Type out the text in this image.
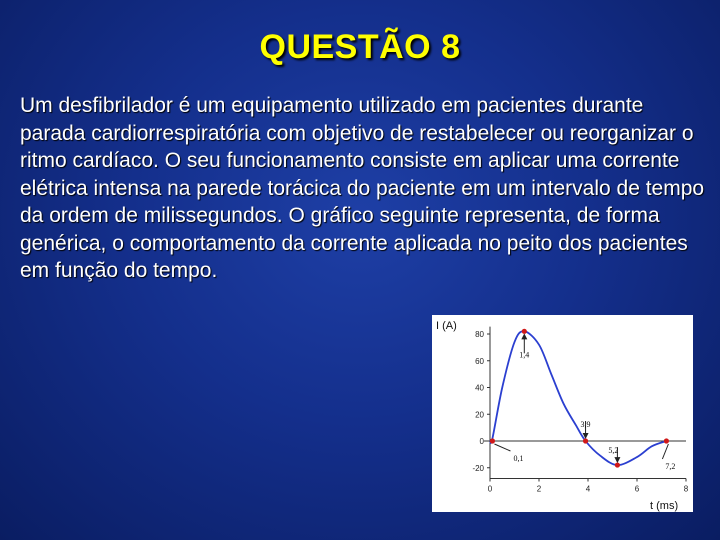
QUESTÃO 8

Um desfibrilador é um equipamento utilizado em pacientes durante parada cardiorrespiratória com objetivo de restabelecer ou reorganizar o ritmo cardíaco. O seu funcionamento consiste em aplicar uma corrente elétrica intensa na parede torácica do paciente em um intervalo de tempo da ordem de milissegundos. O gráfico seguinte representa, de forma genérica, o comportamento da corrente aplicada no peito dos pacientes em função do tempo.

I (A)
t (ms)
80
60
40
20
0
-20
0	2	4	6	8
1,4
3,9
5,2
0,1
7,2
